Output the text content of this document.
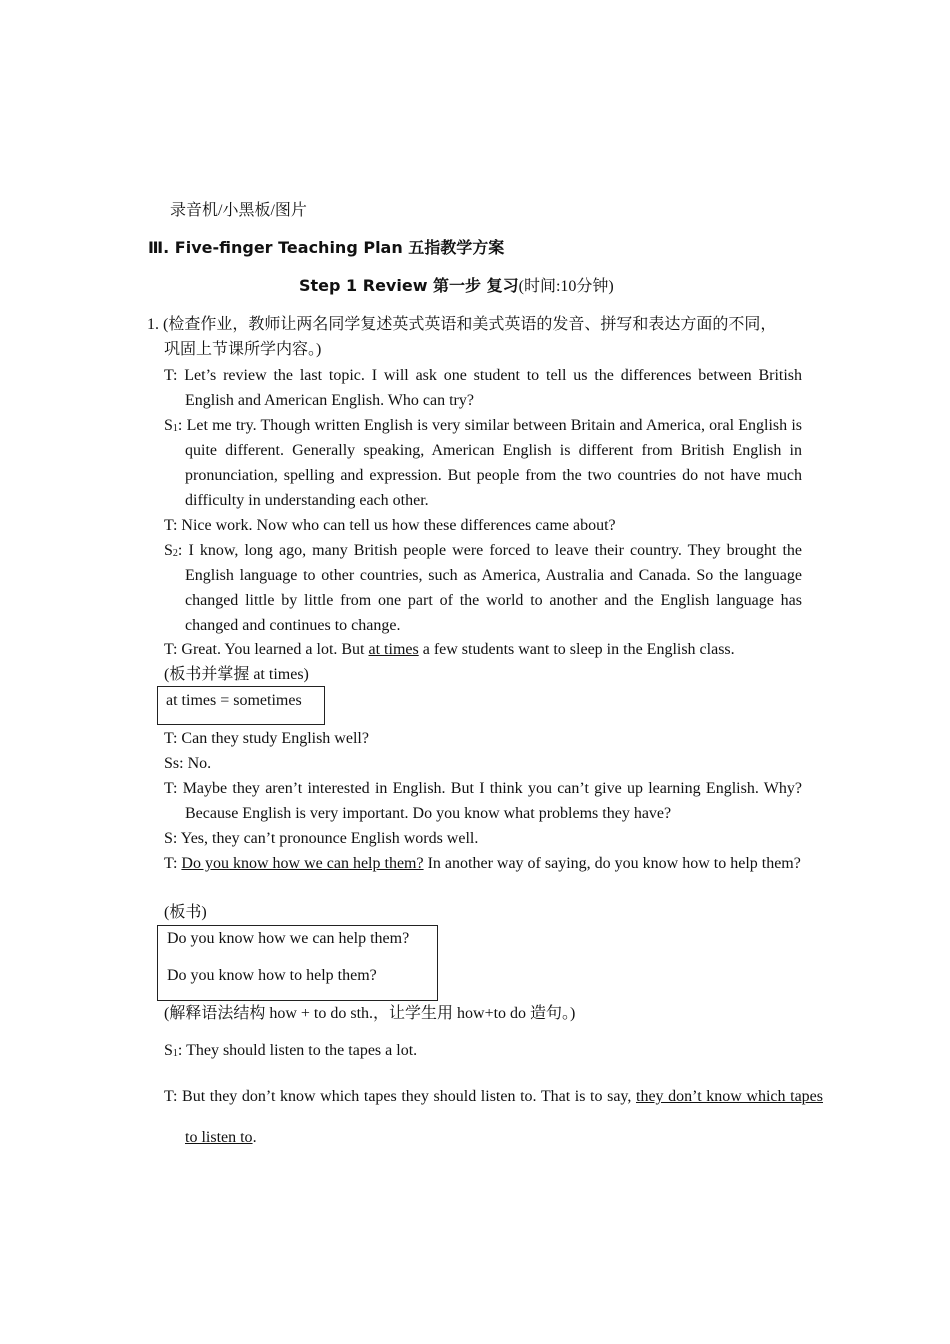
录音机/小黑板/图片
Ⅲ. Five-finger Teaching Plan 五指教学方案
Step 1 Review 第一步 复习(时间:10分钟)
1. (检查作业，教师让两名同学复述英式英语和美式英语的发音、拼写和表达方面的不同，
巩固上节课所学内容。)
T: Let’s review the last topic. I will ask one student to tell us the differences between British English and American English. Who can try?
$S_1$: Let me try. Though written English is very similar between Britain and America, oral English is quite different. Generally speaking, American English is different from British English in pronunciation, spelling and expression. But people from the two countries do not have much difficulty in understanding each other.
T: Nice work. Now who can tell us how these differences came about?
$S_2$: I know, long ago, many British people were forced to leave their country. They brought the English language to other countries, such as America, Australia and Canada. So the language changed little by little from one part of the world to another and the English language has changed and continues to change.
T: Great. You learned a lot. But at times a few students want to sleep in the English class.
(板书并掌握 at times)
at times = sometimes
T: Can they study English well?
Ss: No.
T: Maybe they aren’t interested in English. But I think you can’t give up learning English. Why? Because English is very important. Do you know what problems they have?
S: Yes, they can’t pronounce English words well.
T: Do you know how we can help them? In another way of saying, do you know how to help them?
(板书)
Do you know how we can help them?
Do you know how to help them?
(解释语法结构 how + to do sth.，让学生用 how+to do 造句。)
$S_1$: They should listen to the tapes a lot.
T: But they don’t know which tapes they should listen to. That is to say, they don’t know which tapes to listen to.
